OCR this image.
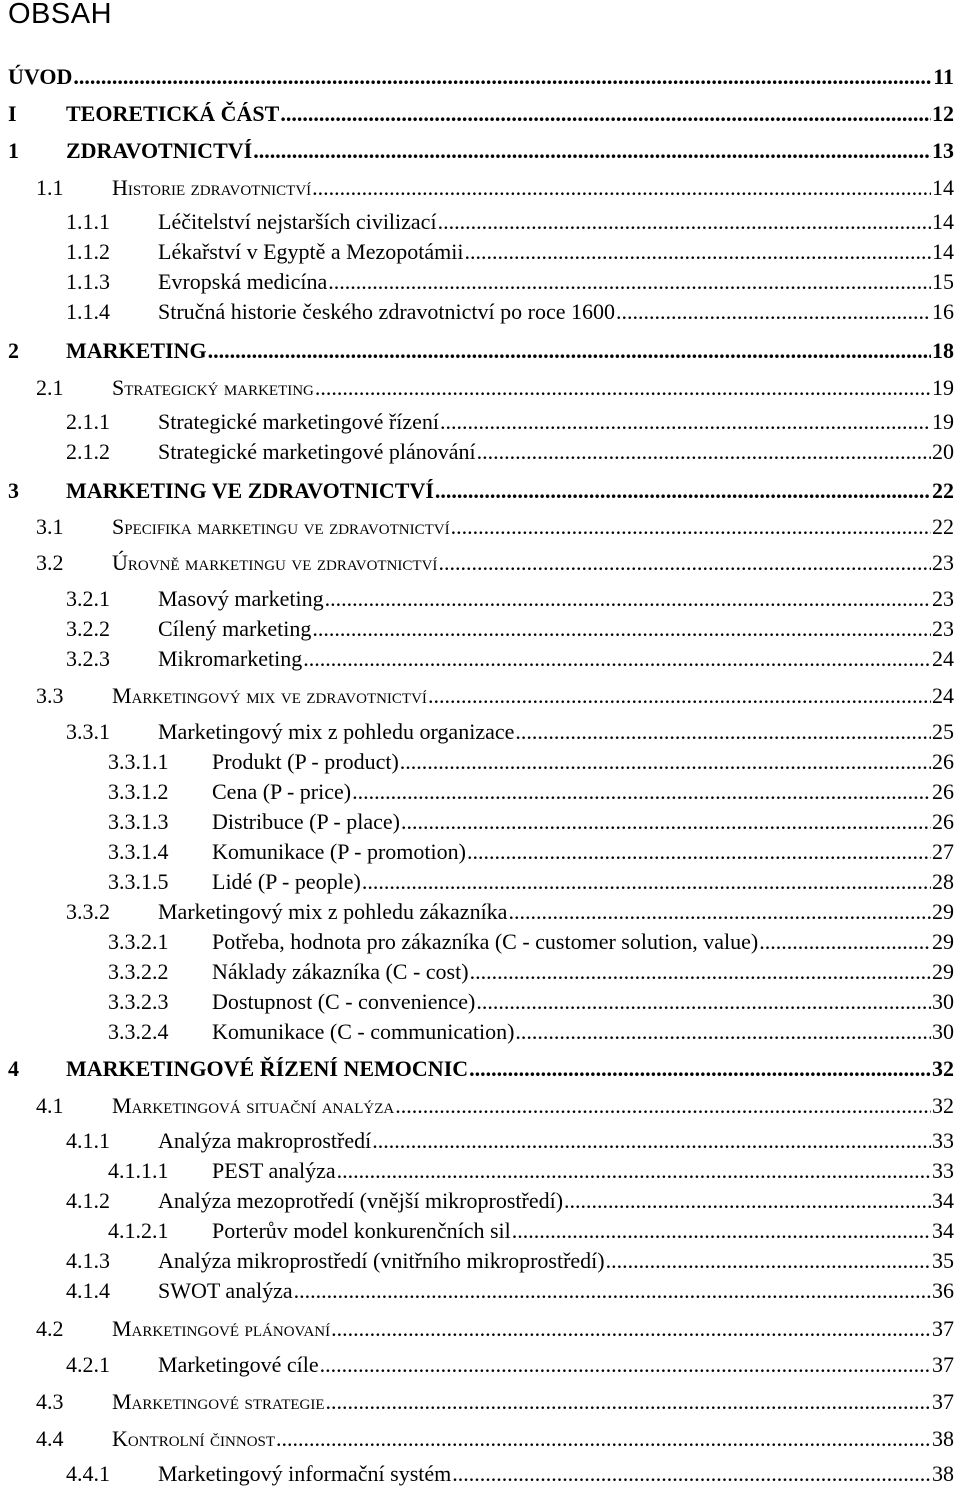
OBSAH
ÚVOD .....	11
I	TEORETICKÁ ČÁST .....	12
1	ZDRAVOTNICTVÍ .....	13
1.1	Historie zdravotnictví .....	14
1.1.1	Léčitelství nejstarších civilizací .....	14
1.1.2	Lékařství v Egyptě a Mezopotámii .....	14
1.1.3	Evropská medicína .....	15
1.1.4	Stručná historie českého zdravotnictví po roce 1600 .....	16
2	MARKETING .....	18
2.1	Strategický marketing .....	19
2.1.1	Strategické marketingové řízení .....	19
2.1.2	Strategické marketingové plánování .....	20
3	MARKETING VE ZDRAVOTNICTVÍ .....	22
3.1	Specifika marketingu ve zdravotnictví .....	22
3.2	Úrovně marketingu ve zdravotnictví .....	23
3.2.1	Masový marketing .....	23
3.2.2	Cílený marketing .....	23
3.2.3	Mikromarketing .....	24
3.3	Marketingový mix ve zdravotnictví .....	24
3.3.1	Marketingový mix z pohledu organizace .....	25
3.3.1.1	Produkt (P - product) .....	26
3.3.1.2	Cena (P - price) .....	26
3.3.1.3	Distribuce (P - place) .....	26
3.3.1.4	Komunikace (P - promotion) .....	27
3.3.1.5	Lidé (P - people) .....	28
3.3.2	Marketingový mix z pohledu zákazníka .....	29
3.3.2.1	Potřeba, hodnota pro zákazníka (C - customer solution, value) .....	29
3.3.2.2	Náklady zákazníka (C - cost) .....	29
3.3.2.3	Dostupnost (C - convenience) .....	30
3.3.2.4	Komunikace (C - communication) .....	30
4	MARKETINGOVÉ ŘÍZENÍ NEMOCNIC .....	32
4.1	Marketingová situační analýza .....	32
4.1.1	Analýza makroprostředí .....	33
4.1.1.1	PEST analýza .....	33
4.1.2	Analýza mezoprotředí (vnější mikroprostředí) .....	34
4.1.2.1	Porterův model konkurenčních sil .....	34
4.1.3	Analýza mikroprostředí (vnitřního mikroprostředí) .....	35
4.1.4	SWOT analýza .....	36
4.2	Marketingové plánovaní .....	37
4.2.1	Marketingové cíle .....	37
4.3	Marketingové strategie .....	37
4.4	Kontrolní činnost .....	38
4.4.1	Marketingový informační systém .....	38
